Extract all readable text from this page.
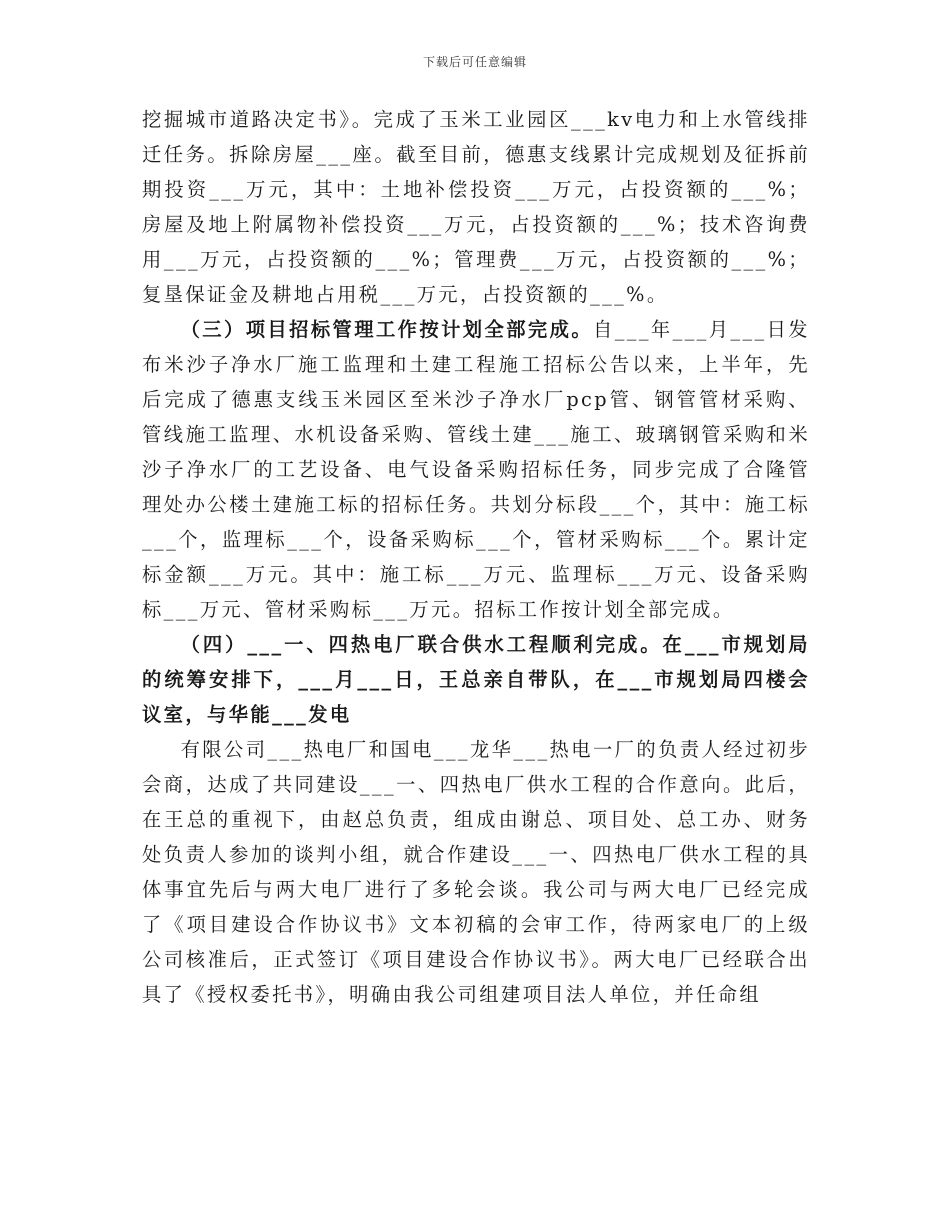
下载后可任意编辑

挖掘城市道路决定书》。完成了玉米工业园区___kv电力和上水管线排迁任务。拆除房屋___座。截至目前，德惠支线累计完成规划及征拆前期投资___万元，其中：土地补偿投资___万元，占投资额的___%；房屋及地上附属物补偿投资___万元，占投资额的___%；技术咨询费用___万元，占投资额的___%；管理费___万元，占投资额的___%；复垦保证金及耕地占用税___万元，占投资额的___%。

（三）项目招标管理工作按计划全部完成。自___年___月___日发布米沙子净水厂施工监理和土建工程施工招标公告以来，上半年，先后完成了德惠支线玉米园区至米沙子净水厂pcp管、钢管管材采购、管线施工监理、水机设备采购、管线土建___施工、玻璃钢管采购和米沙子净水厂的工艺设备、电气设备采购招标任务，同步完成了合隆管理处办公楼土建施工标的招标任务。共划分标段___个，其中：施工标___个，监理标___个，设备采购标___个，管材采购标___个。累计定标金额___万元。其中：施工标___万元、监理标___万元、设备采购标___万元、管材采购标___万元。招标工作按计划全部完成。

（四）___一、四热电厂联合供水工程顺利完成。在___市规划局的统筹安排下，___月___日，王总亲自带队，在___市规划局四楼会议室，与华能___发电

有限公司___热电厂和国电___龙华___热电一厂的负责人经过初步会商，达成了共同建设___一、四热电厂供水工程的合作意向。此后，在王总的重视下，由赵总负责，组成由谢总、项目处、总工办、财务处负责人参加的谈判小组，就合作建设___一、四热电厂供水工程的具体事宜先后与两大电厂进行了多轮会谈。我公司与两大电厂已经完成了《项目建设合作协议书》文本初稿的会审工作，待两家电厂的上级公司核准后，正式签订《项目建设合作协议书》。两大电厂已经联合出具了《授权委托书》，明确由我公司组建项目法人单位，并任命组
